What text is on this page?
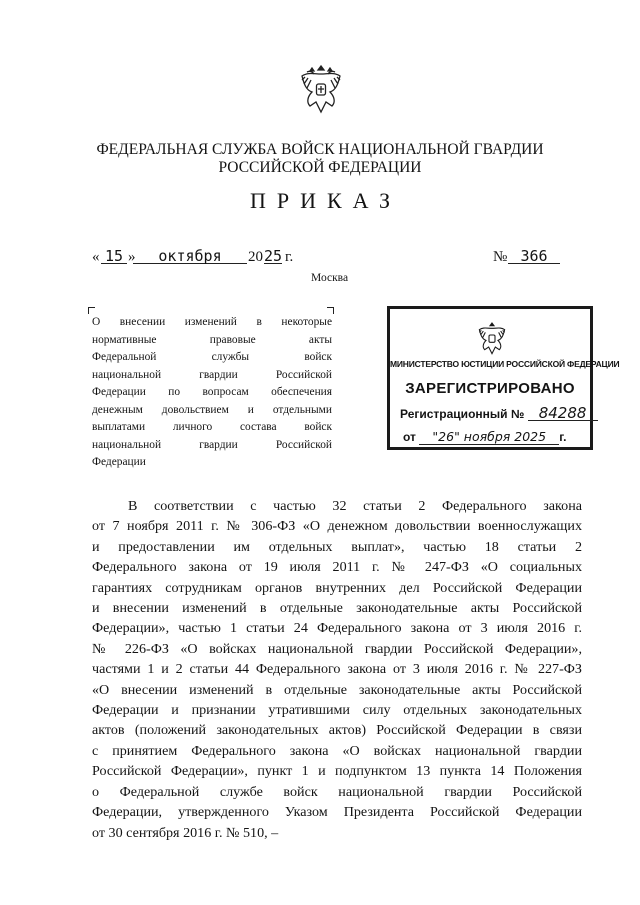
ФЕДЕРАЛЬНАЯ СЛУЖБА ВОЙСК НАЦИОНАЛЬНОЙ ГВАРДИИ
РОССИЙСКОЙ ФЕДЕРАЦИИ
ПРИКАЗ
« 15 »	октября	20 25 г.	№ 366
Москва
О внесении изменений в некоторые
нормативные правовые акты
Федеральной службы войск
национальной гвардии Российской
Федерации по вопросам обеспечения
денежным довольствием и отдельными
выплатами личного состава войск
национальной гвардии Российской
Федерации
МИНИСТЕРСТВО ЮСТИЦИИ РОССИЙСКОЙ ФЕДЕРАЦИИ
ЗАРЕГИСТРИРОВАНО
Регистрационный № 84288
от "26" ноября 2025 г.
В соответствии с частью 32 статьи 2 Федерального закона
от 7 ноября 2011 г. № 306-ФЗ «О денежном довольствии военнослужащих
и предоставлении им отдельных выплат», частью 18 статьи 2
Федерального закона от 19 июля 2011 г. № 247-ФЗ «О социальных
гарантиях сотрудникам органов внутренних дел Российской Федерации
и внесении изменений в отдельные законодательные акты Российской
Федерации», частью 1 статьи 24 Федерального закона от 3 июля 2016 г.
№ 226-ФЗ «О войсках национальной гвардии Российской Федерации»,
частями 1 и 2 статьи 44 Федерального закона от 3 июля 2016 г. № 227-ФЗ
«О внесении изменений в отдельные законодательные акты Российской
Федерации и признании утратившими силу отдельных законодательных
актов (положений законодательных актов) Российской Федерации в связи
с принятием Федерального закона «О войсках национальной гвардии
Российской Федерации», пункт 1 и подпунктом 13 пункта 14 Положения
о Федеральной службе войск национальной гвардии Российской
Федерации, утвержденного Указом Президента Российской Федерации
от 30 сентября 2016 г. № 510, –
